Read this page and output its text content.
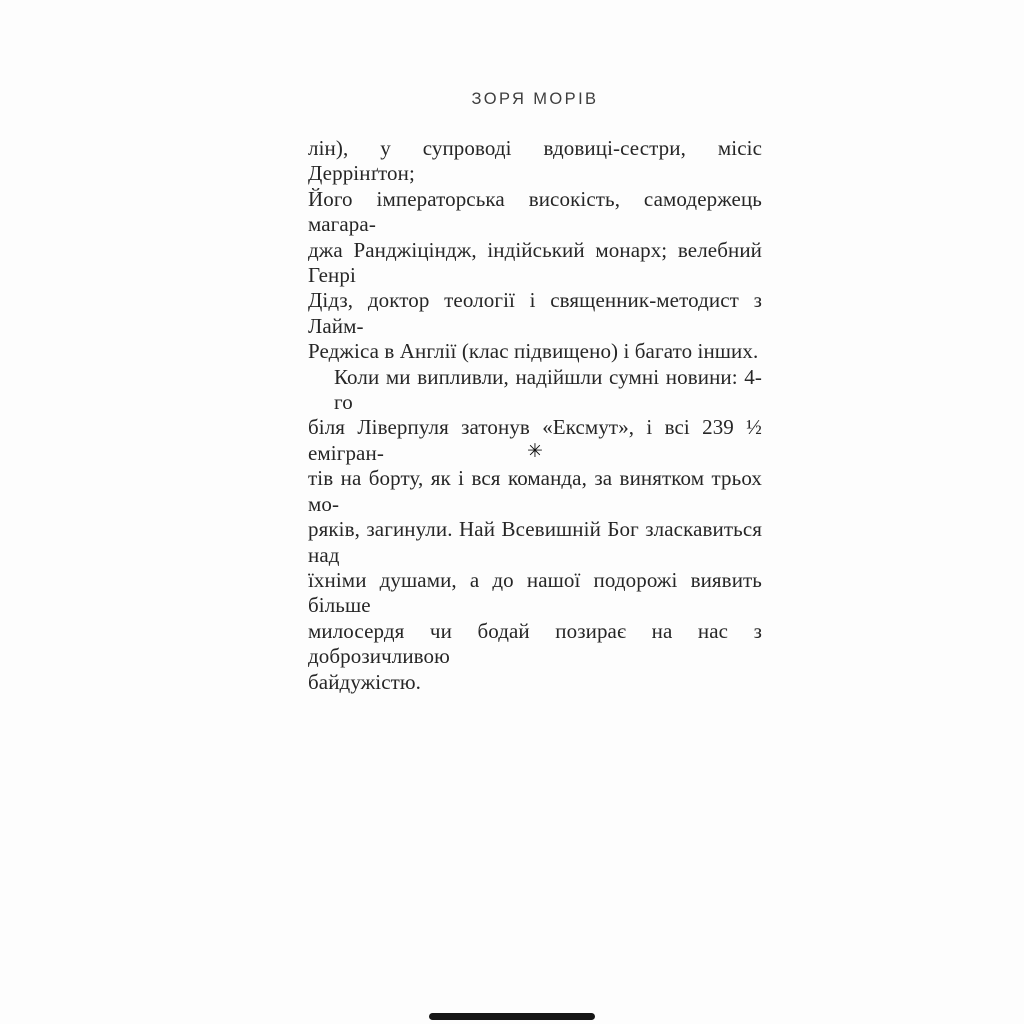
ЗОРЯ МОРІВ
лін), у супроводі вдовиці-сестри, місіс Деррінґтон;
Його імператорська високість, самодержець магара-
джа Ранджіціндж, індійський монарх; велебний Генрі
Дідз, доктор теології і священник-методист з Лайм-
Реджіса в Англії (клас підвищено) і багато інших.
Коли ми випливли, надійшли сумні новини: 4-го
біля Ліверпуля затонув «Ексмут», і всі 239 ½ емігран-
тів на борту, як і вся команда, за винятком трьох мо-
ряків, загинули. Най Всевишній Бог зласкавиться над
їхніми душами, а до нашої подорожі виявить більше
милосердя чи бодай позирає на нас з доброзичливою
байдужістю.
✳
